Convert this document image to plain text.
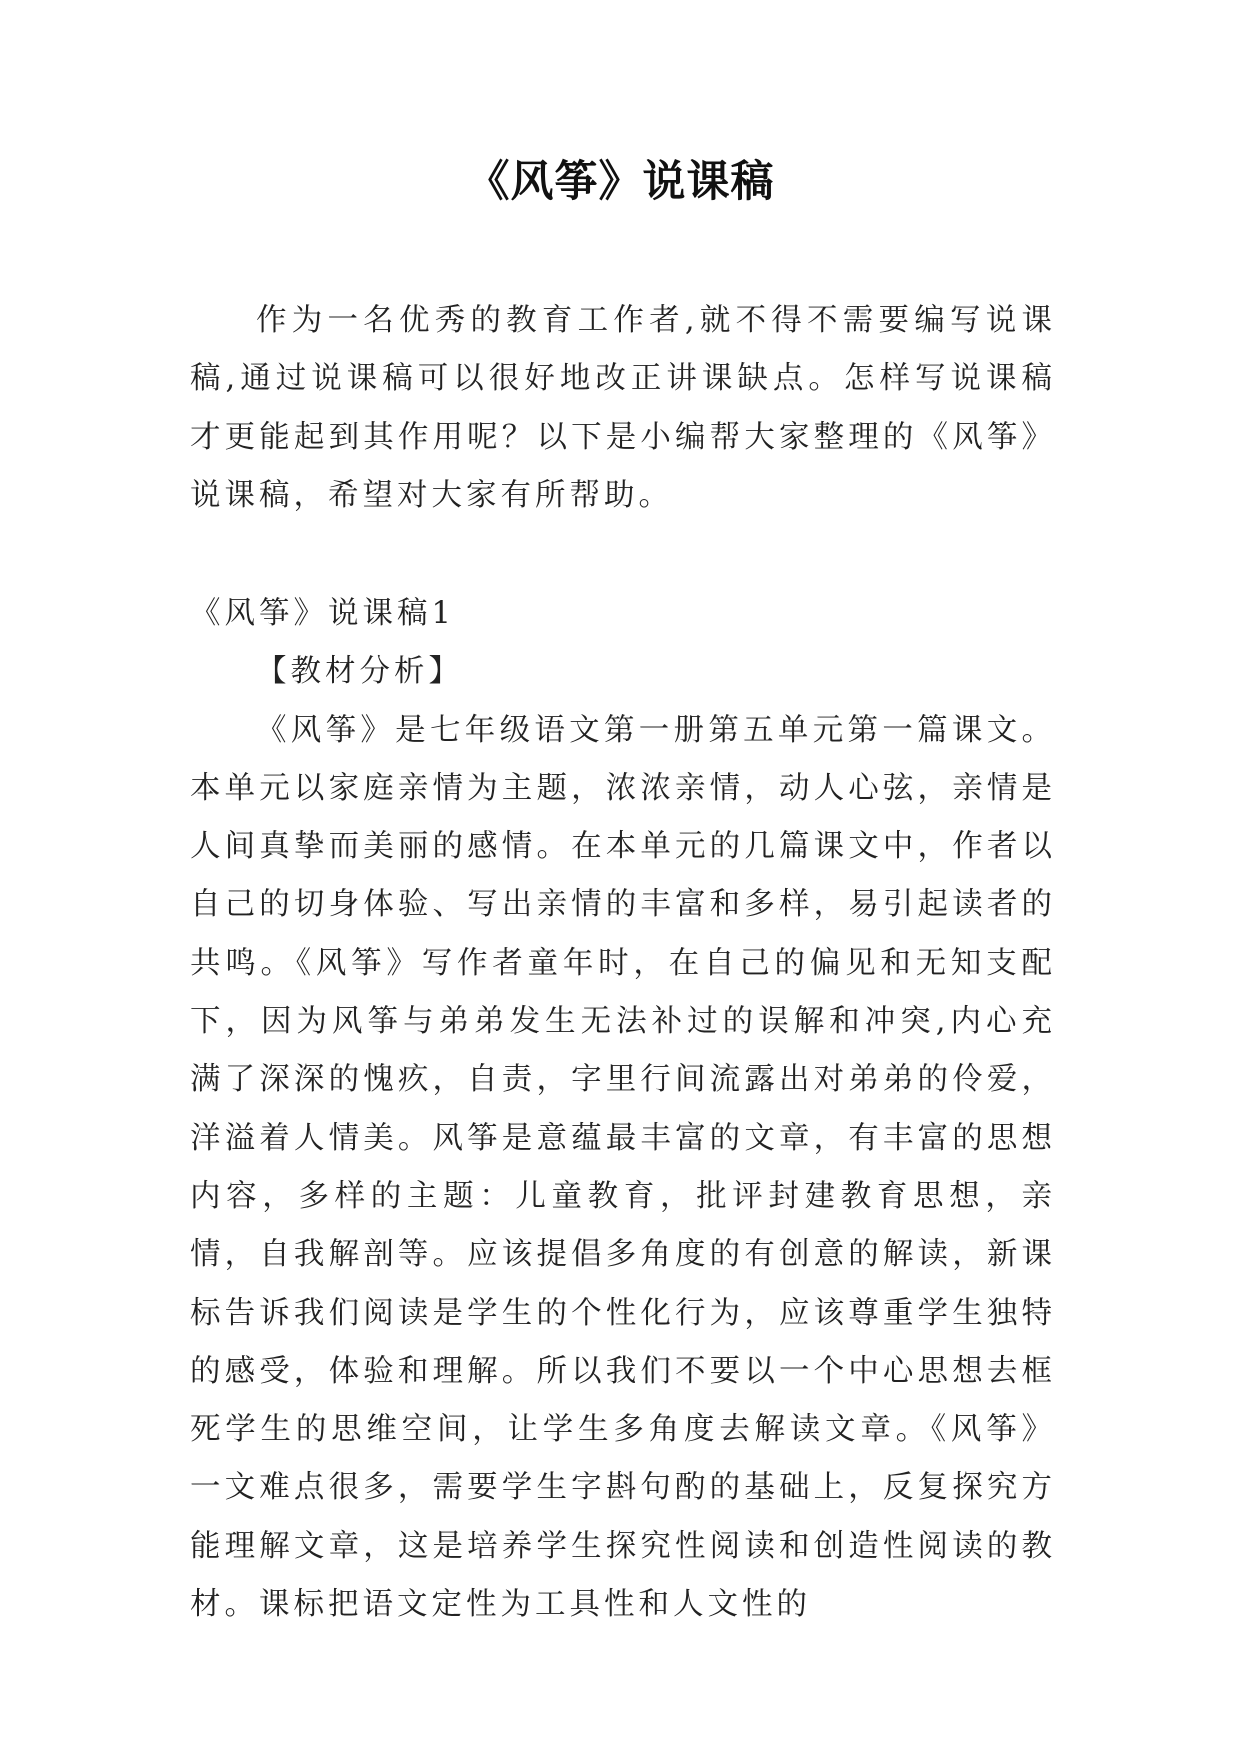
《风筝》说课稿

作为一名优秀的教育工作者,就不得不需要编写说课稿,通过说课稿可以很好地改正讲课缺点。怎样写说课稿才更能起到其作用呢？以下是小编帮大家整理的《风筝》说课稿，希望对大家有所帮助。

《风筝》说课稿1

【教材分析】

《风筝》是七年级语文第一册第五单元第一篇课文。本单元以家庭亲情为主题，浓浓亲情，动人心弦，亲情是人间真挚而美丽的感情。在本单元的几篇课文中，作者以自己的切身体验、写出亲情的丰富和多样，易引起读者的共鸣。《风筝》写作者童年时，在自己的偏见和无知支配下，因为风筝与弟弟发生无法补过的误解和冲突,内心充满了深深的愧疚，自责，字里行间流露出对弟弟的伶爱，洋溢着人情美。风筝是意蕴最丰富的文章，有丰富的思想内容，多样的主题：儿童教育，批评封建教育思想，亲情，自我解剖等。应该提倡多角度的有创意的解读，新课标告诉我们阅读是学生的个性化行为，应该尊重学生独特的感受，体验和理解。所以我们不要以一个中心思想去框死学生的思维空间，让学生多角度去解读文章。《风筝》一文难点很多，需要学生字斟句酌的基础上，反复探究方能理解文章，这是培养学生探究性阅读和创造性阅读的教材。课标把语文定性为工具性和人文性的
